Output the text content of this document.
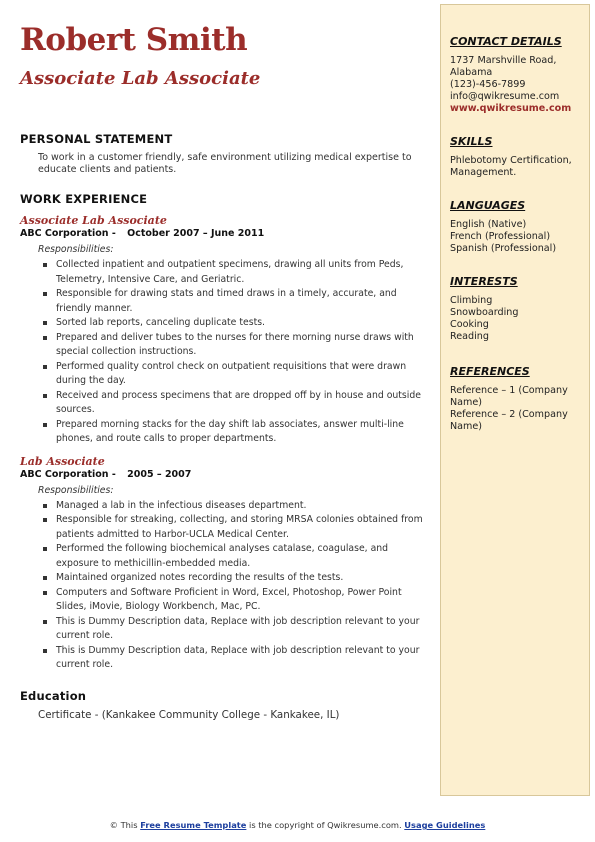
Robert Smith
Associate Lab Associate
PERSONAL STATEMENT
To work in a customer friendly, safe environment utilizing medical expertise to educate clients and patients.
WORK EXPERIENCE
Associate Lab Associate
ABC Corporation - October 2007 – June 2011
Responsibilities:
Collected inpatient and outpatient specimens, drawing all units from Peds, Telemetry, Intensive Care, and Geriatric.
Responsible for drawing stats and timed draws in a timely, accurate, and friendly manner.
Sorted lab reports, canceling duplicate tests.
Prepared and deliver tubes to the nurses for there morning nurse draws with special collection instructions.
Performed quality control check on outpatient requisitions that were drawn during the day.
Received and process specimens that are dropped off by in house and outside sources.
Prepared morning stacks for the day shift lab associates, answer multi-line phones, and route calls to proper departments.
Lab Associate
ABC Corporation - 2005 – 2007
Responsibilities:
Managed a lab in the infectious diseases department.
Responsible for streaking, collecting, and storing MRSA colonies obtained from patients admitted to Harbor-UCLA Medical Center.
Performed the following biochemical analyses catalase, coagulase, and exposure to methicillin-embedded media.
Maintained organized notes recording the results of the tests.
Computers and Software Proficient in Word, Excel, Photoshop, Power Point Slides, iMovie, Biology Workbench, Mac, PC.
This is Dummy Description data, Replace with job description relevant to your current role.
This is Dummy Description data, Replace with job description relevant to your current role.
Education
Certificate - (Kankakee Community College - Kankakee, IL)
CONTACT DETAILS
1737 Marshville Road, Alabama
(123)-456-7899
info@qwikresume.com
www.qwikresume.com
SKILLS
Phlebotomy Certification, Management.
LANGUAGES
English (Native)
French (Professional)
Spanish (Professional)
INTERESTS
Climbing
Snowboarding
Cooking
Reading
REFERENCES
Reference – 1 (Company Name)
Reference – 2 (Company Name)
© This Free Resume Template is the copyright of Qwikresume.com. Usage Guidelines
